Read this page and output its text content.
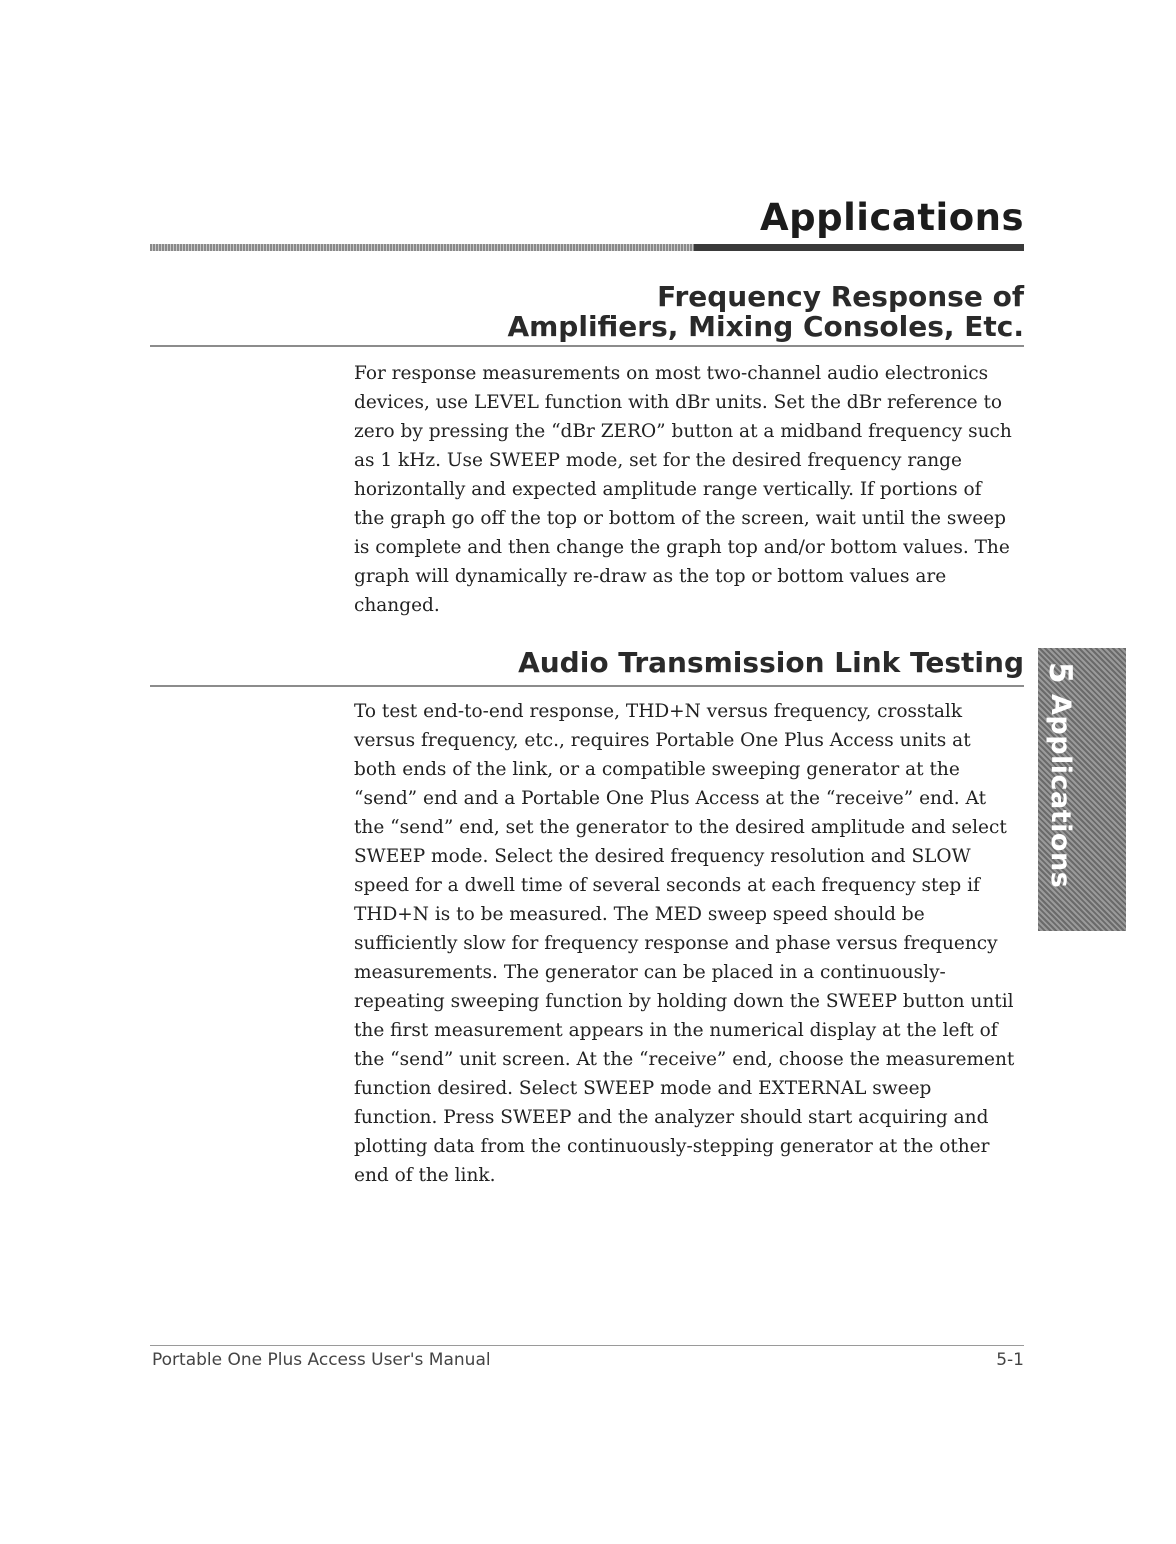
Applications
Frequency Response of
Amplifiers, Mixing Consoles, Etc.

For response measurements on most two-channel audio electronics devices, use LEVEL function with dBr units. Set the dBr reference to zero by pressing the “dBr ZERO” button at a midband frequency such as 1 kHz. Use SWEEP mode, set for the desired frequency range horizontally and expected amplitude range vertically. If portions of the graph go off the top or bottom of the screen, wait until the sweep is complete and then change the graph top and/or bottom values. The graph will dynamically re-draw as the top or bottom values are changed.

Audio Transmission Link Testing

To test end-to-end response, THD+N versus frequency, crosstalk versus frequency, etc., requires Portable One Plus Access units at both ends of the link, or a compatible sweeping generator at the “send” end and a Portable One Plus Access at the “receive” end. At the “send” end, set the generator to the desired amplitude and select SWEEP mode. Select the desired frequency resolution and SLOW speed for a dwell time of several seconds at each frequency step if THD+N is to be measured. The MED sweep speed should be sufficiently slow for frequency response and phase versus frequency measurements. The generator can be placed in a continuously-repeating sweeping function by holding down the SWEEP button until the first measurement appears in the numerical display at the left of the “send” unit screen. At the “receive” end, choose the measurement function desired. Select SWEEP mode and EXTERNAL sweep function. Press SWEEP and the analyzer should start acquiring and plotting data from the continuously-stepping generator at the other end of the link.

5 Applications

Portable One Plus Access User's Manual	5-1
